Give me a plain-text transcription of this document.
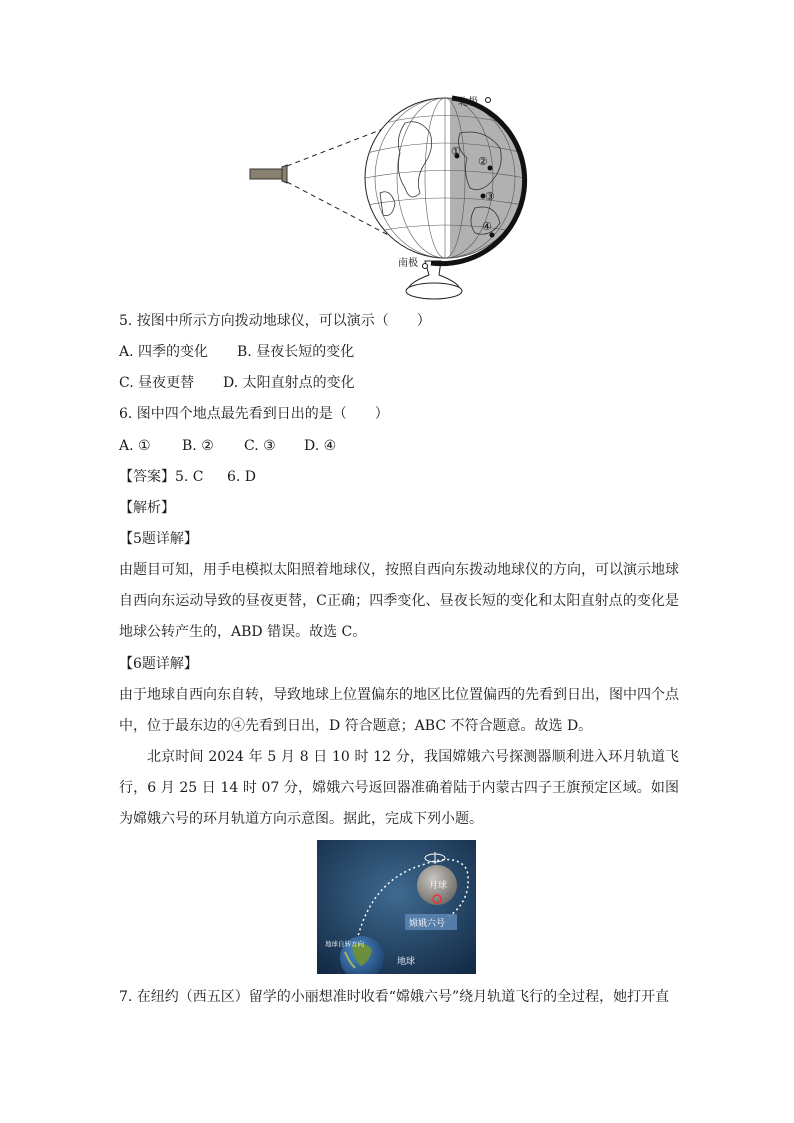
北极
南极
①
②
③
④
5. 按图中所示方向拨动地球仪，可以演示（　　）
A. 四季的变化 B. 昼夜长短的变化
C. 昼夜更替 D. 太阳直射点的变化
6. 图中四个地点最先看到日出的是（　　）
A. ① B. ② C. ③ D. ④
【答案】5. C 6. D
【解析】
【5题详解】
由题目可知，用手电模拟太阳照着地球仪，按照自西向东拨动地球仪的方向，可以演示地球自西向东运动导致的昼夜更替，C正确；四季变化、昼夜长短的变化和太阳直射点的变化是地球公转产生的，ABD 错误。故选 C。
【6题详解】
由于地球自西向东自转，导致地球上位置偏东的地区比位置偏西的先看到日出，图中四个点中，位于最东边的④先看到日出，D 符合题意；ABC 不符合题意。故选 D。
北京时间 2024 年 5 月 8 日 10 时 12 分，我国嫦娥六号探测器顺利进入环月轨道飞行，6 月 25 日 14 时 07 分，嫦娥六号返回器准确着陆于内蒙古四子王旗预定区域。如图为嫦娥六号的环月轨道方向示意图。据此，完成下列小题。
月球
嫦娥六号
地球自转方向
地球
7. 在纽约（西五区）留学的小丽想准时收看“嫦娥六号”绕月轨道飞行的全过程，她打开直
